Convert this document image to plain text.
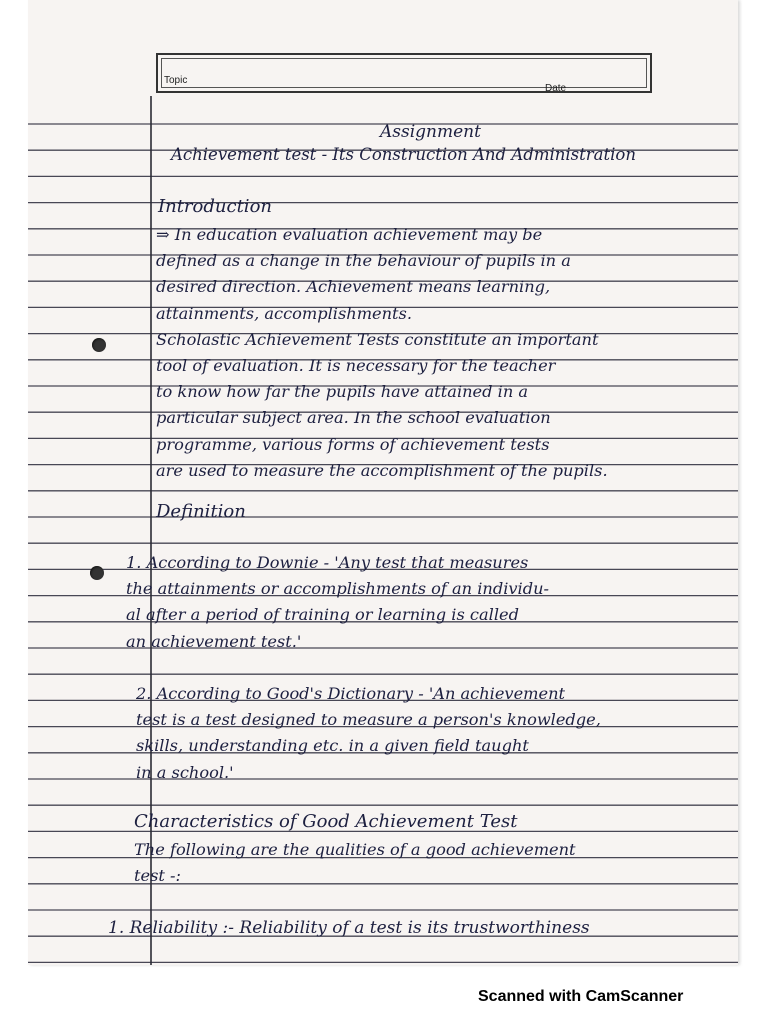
Topic
Date
Assignment
Achievement test - Its Construction And Administration
Introduction
⇒ In education evaluation achievement may be
defined as a change in the behaviour of pupils in a
desired direction. Achievement means learning,
attainments, accomplishments.
Scholastic Achievement Tests constitute an important
tool of evaluation. It is necessary for the teacher
to know how far the pupils have attained in a
particular subject area. In the school evaluation
programme, various forms of achievement tests
are used to measure the accomplishment of the pupils.
Definition
1. According to Downie - 'Any test that measures
the attainments or accomplishments of an individu-
al after a period of training or learning is called
an achievement test.'
2. According to Good's Dictionary - 'An achievement
test is a test designed to measure a person's knowledge,
skills, understanding etc. in a given field taught
in a school.'
Characteristics of Good Achievement Test
The following are the qualities of a good achievement
test -:
1. Reliability :- Reliability of a test is its trustworthiness
Scanned with CamScanner
